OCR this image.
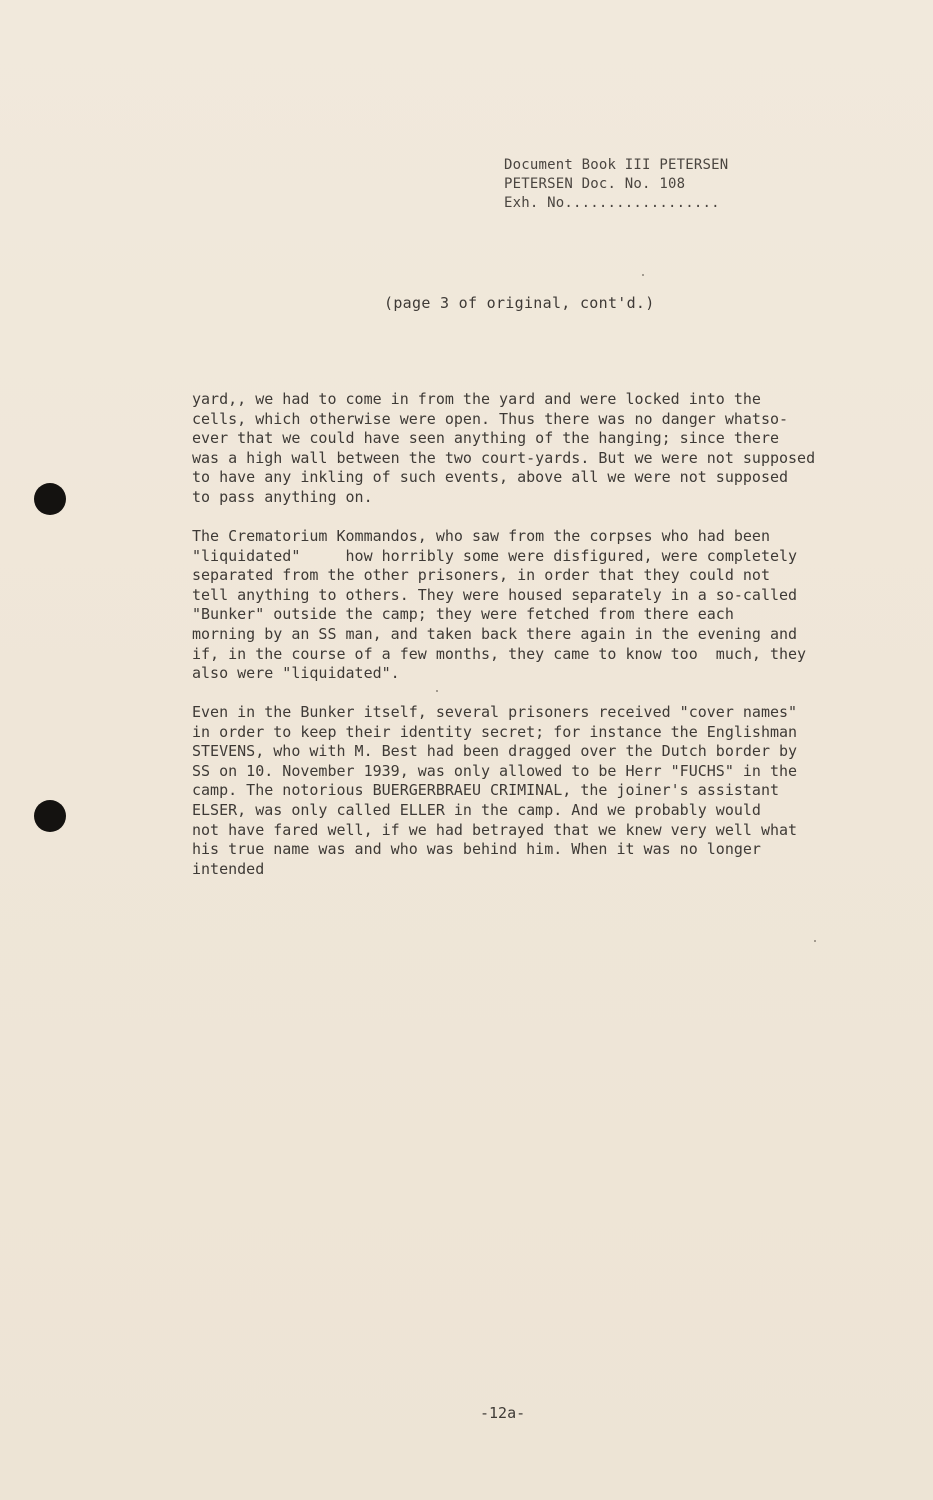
Document Book III PETERSEN
PETERSEN Doc. No. 108
Exh. No..................
(page 3 of original, cont'd.)
yard,, we had to come in from the yard and were locked into the
cells, which otherwise were open. Thus there was no danger whatso-
ever that we could have seen anything of the hanging; since there
was a high wall between the two court-yards. But we were not supposed
to have any inkling of such events, above all we were not supposed
to pass anything on.
The Crematorium Kommandos, who saw from the corpses who had been
"liquidated"     how horribly some were disfigured, were completely
separated from the other prisoners, in order that they could not
tell anything to others. They were housed separately in a so-called
"Bunker" outside the camp; they were fetched from there each
morning by an SS man, and taken back there again in the evening and
if, in the course of a few months, they came to know too  much, they
also were "liquidated".
Even in the Bunker itself, several prisoners received "cover names"
in order to keep their identity secret; for instance the Englishman
STEVENS, who with M. Best had been dragged over the Dutch border by
SS on 10. November 1939, was only allowed to be Herr "FUCHS" in the
camp. The notorious BUERGERBRAEU CRIMINAL, the joiner's assistant
ELSER, was only called ELLER in the camp. And we probably would
not have fared well, if we had betrayed that we knew very well what
his true name was and who was behind him. When it was no longer
intended
-12a-
